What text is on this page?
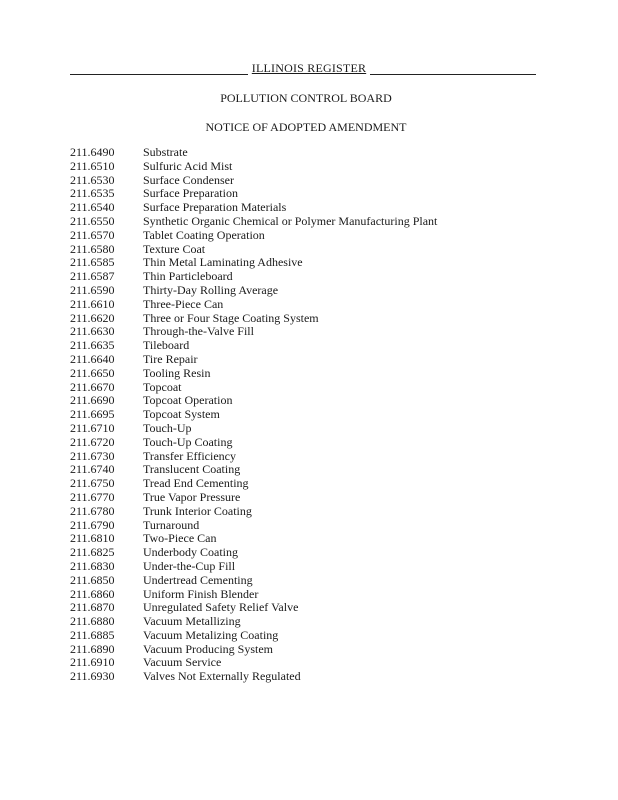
ILLINOIS REGISTER
POLLUTION CONTROL BOARD
NOTICE OF ADOPTED AMENDMENT
211.6490	Substrate
211.6510	Sulfuric Acid Mist
211.6530	Surface Condenser
211.6535	Surface Preparation
211.6540	Surface Preparation Materials
211.6550	Synthetic Organic Chemical or Polymer Manufacturing Plant
211.6570	Tablet Coating Operation
211.6580	Texture Coat
211.6585	Thin Metal Laminating Adhesive
211.6587	Thin Particleboard
211.6590	Thirty-Day Rolling Average
211.6610	Three-Piece Can
211.6620	Three or Four Stage Coating System
211.6630	Through-the-Valve Fill
211.6635	Tileboard
211.6640	Tire Repair
211.6650	Tooling Resin
211.6670	Topcoat
211.6690	Topcoat Operation
211.6695	Topcoat System
211.6710	Touch-Up
211.6720	Touch-Up Coating
211.6730	Transfer Efficiency
211.6740	Translucent Coating
211.6750	Tread End Cementing
211.6770	True Vapor Pressure
211.6780	Trunk Interior Coating
211.6790	Turnaround
211.6810	Two-Piece Can
211.6825	Underbody Coating
211.6830	Under-the-Cup Fill
211.6850	Undertread Cementing
211.6860	Uniform Finish Blender
211.6870	Unregulated Safety Relief Valve
211.6880	Vacuum Metallizing
211.6885	Vacuum Metalizing Coating
211.6890	Vacuum Producing System
211.6910	Vacuum Service
211.6930	Valves Not Externally Regulated
